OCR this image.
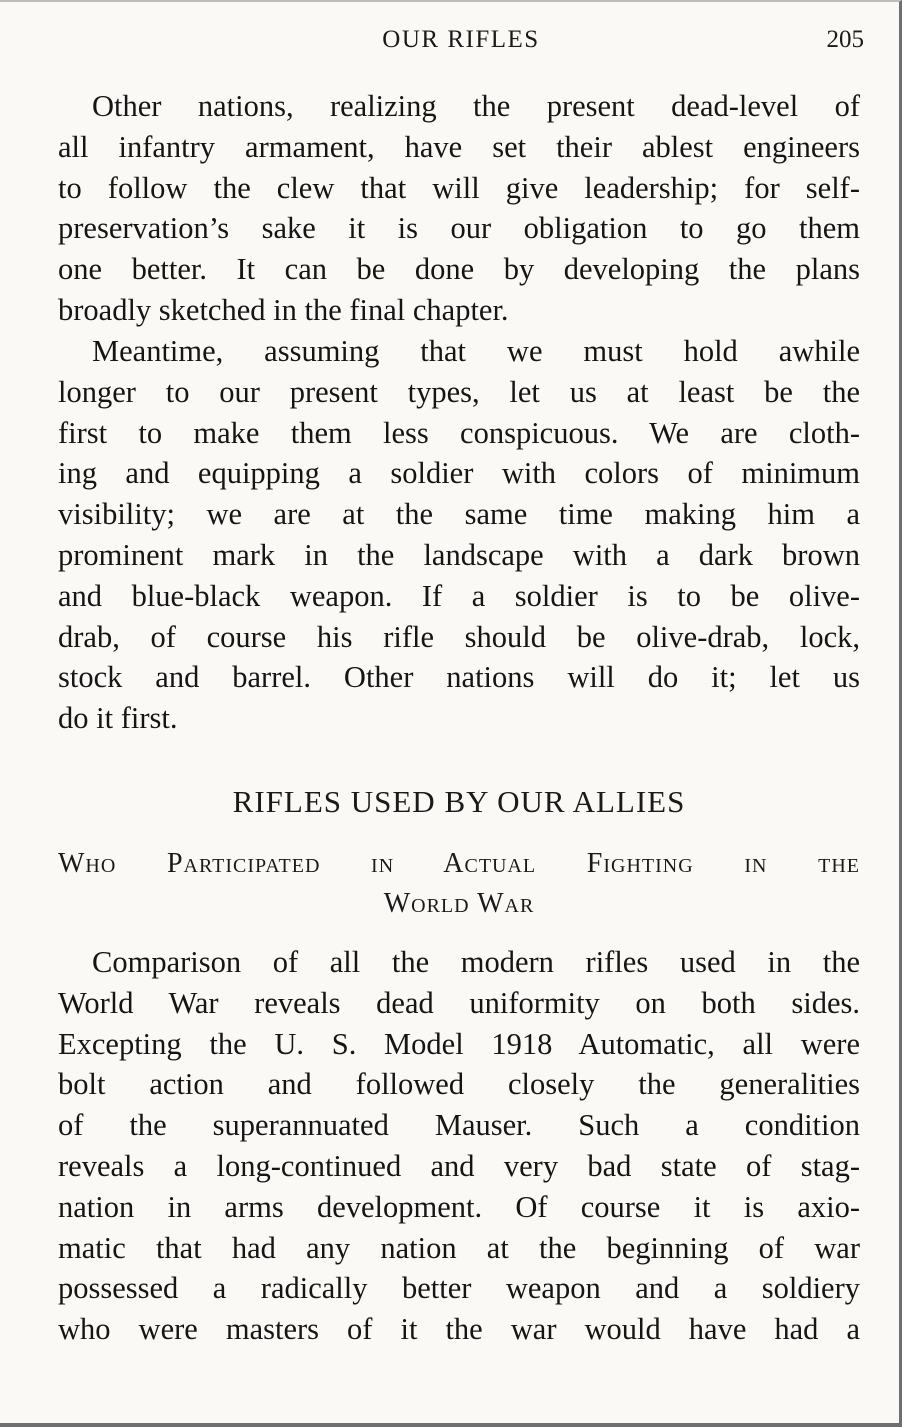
OUR RIFLES	205
Other nations, realizing the present dead-level of
all infantry armament, have set their ablest engineers
to follow the clew that will give leadership; for self-
preservation’s sake it is our obligation to go them
one better. It can be done by developing the plans
broadly sketched in the final chapter.
Meantime, assuming that we must hold awhile
longer to our present types, let us at least be the
first to make them less conspicuous. We are cloth-
ing and equipping a soldier with colors of minimum
visibility; we are at the same time making him a
prominent mark in the landscape with a dark brown
and blue-black weapon. If a soldier is to be olive-
drab, of course his rifle should be olive-drab, lock,
stock and barrel. Other nations will do it; let us
do it first.
RIFLES USED BY OUR ALLIES
Who Participated in Actual Fighting in the
World War
Comparison of all the modern rifles used in the
World War reveals dead uniformity on both sides.
Excepting the U. S. Model 1918 Automatic, all were
bolt action and followed closely the generalities
of the superannuated Mauser. Such a condition
reveals a long-continued and very bad state of stag-
nation in arms development. Of course it is axio-
matic that had any nation at the beginning of war
possessed a radically better weapon and a soldiery
who were masters of it the war would have had a
